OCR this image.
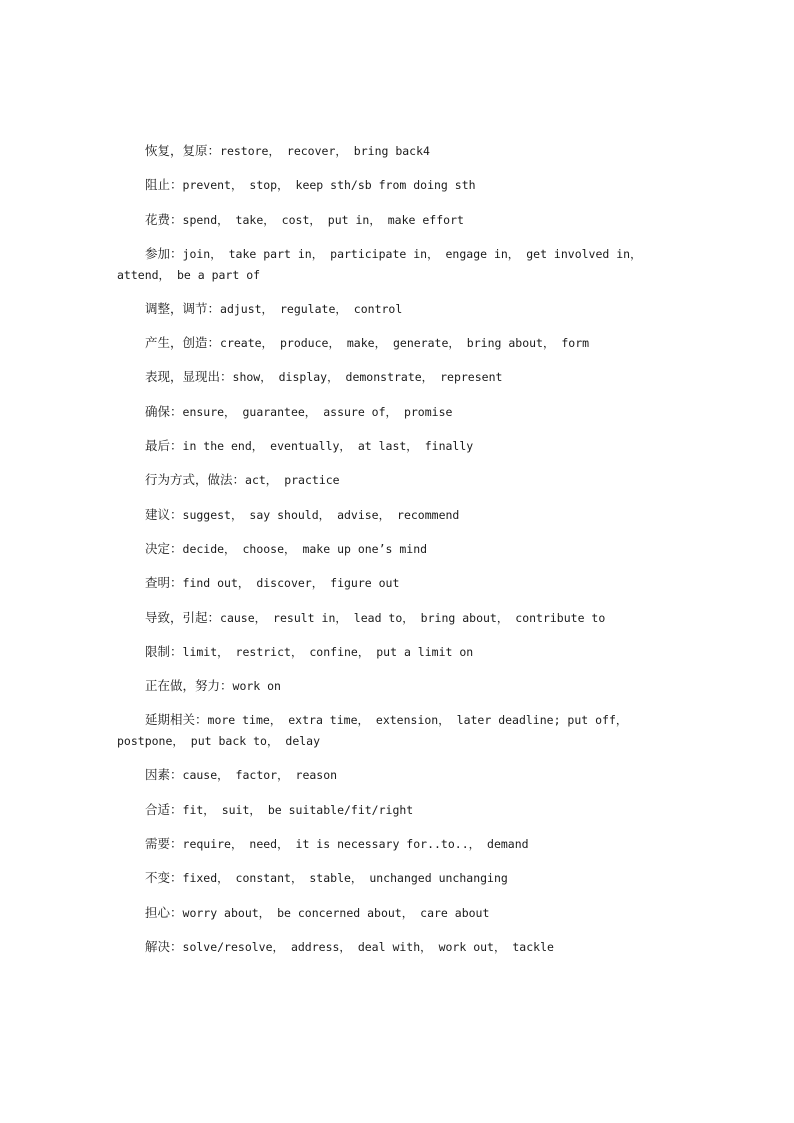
恢复，复原：restore， recover， bring back4
阻止：prevent， stop， keep sth/sb from doing sth
花费：spend， take， cost， put in， make effort
参加：join， take part in， participate in， engage in， get involved in， attend， be a part of
调整，调节：adjust， regulate， control
产生，创造：create， produce， make， generate， bring about， form
表现，显现出：show， display， demonstrate， represent
确保：ensure， guarantee， assure of， promise
最后：in the end， eventually， at last， finally
行为方式，做法：act， practice
建议：suggest， say should， advise， recommend
决定：decide， choose， make up one’s mind
查明：find out， discover， figure out
导致，引起：cause， result in， lead to， bring about， contribute to
限制：limit， restrict， confine， put a limit on
正在做，努力：work on
延期相关：more time， extra time， extension， later deadline; put off， postpone， put back to， delay
因素：cause， factor， reason
合适：fit， suit， be suitable/fit/right
需要：require， need， it is necessary for..to..， demand
不变：fixed， constant， stable， unchanged unchanging
担心：worry about， be concerned about， care about
解决：solve/resolve， address， deal with， work out， tackle
